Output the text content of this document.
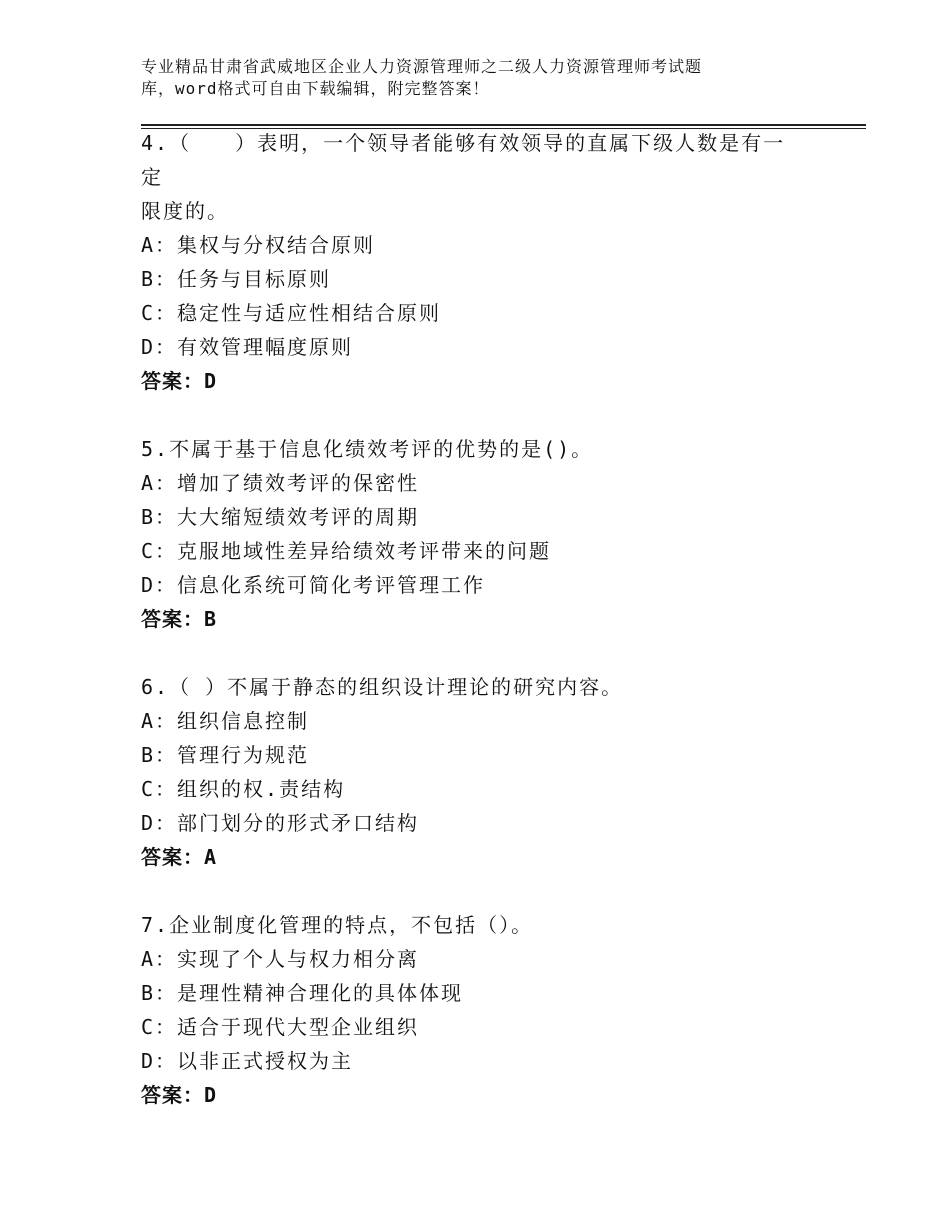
专业精品甘肃省武威地区企业人力资源管理师之二级人力资源管理师考试题
库，word格式可自由下载编辑，附完整答案！
4.（　　）表明，一个领导者能够有效领导的直属下级人数是有一定
限度的。
A：集权与分权结合原则
B：任务与目标原则
C：稳定性与适应性相结合原则
D：有效管理幅度原则
答案：D
5.不属于基于信息化绩效考评的优势的是()。
A：增加了绩效考评的保密性
B：大大缩短绩效考评的周期
C：克服地域性差异给绩效考评带来的问题
D：信息化系统可简化考评管理工作
答案：B
6.（ ）不属于静态的组织设计理论的研究内容。
A：组织信息控制
B：管理行为规范
C：组织的权.责结构
D：部门划分的形式矛口结构
答案：A
7.企业制度化管理的特点，不包括（）。
A：实现了个人与权力相分离
B：是理性精神合理化的具体体现
C：适合于现代大型企业组织
D：以非正式授权为主
答案：D
